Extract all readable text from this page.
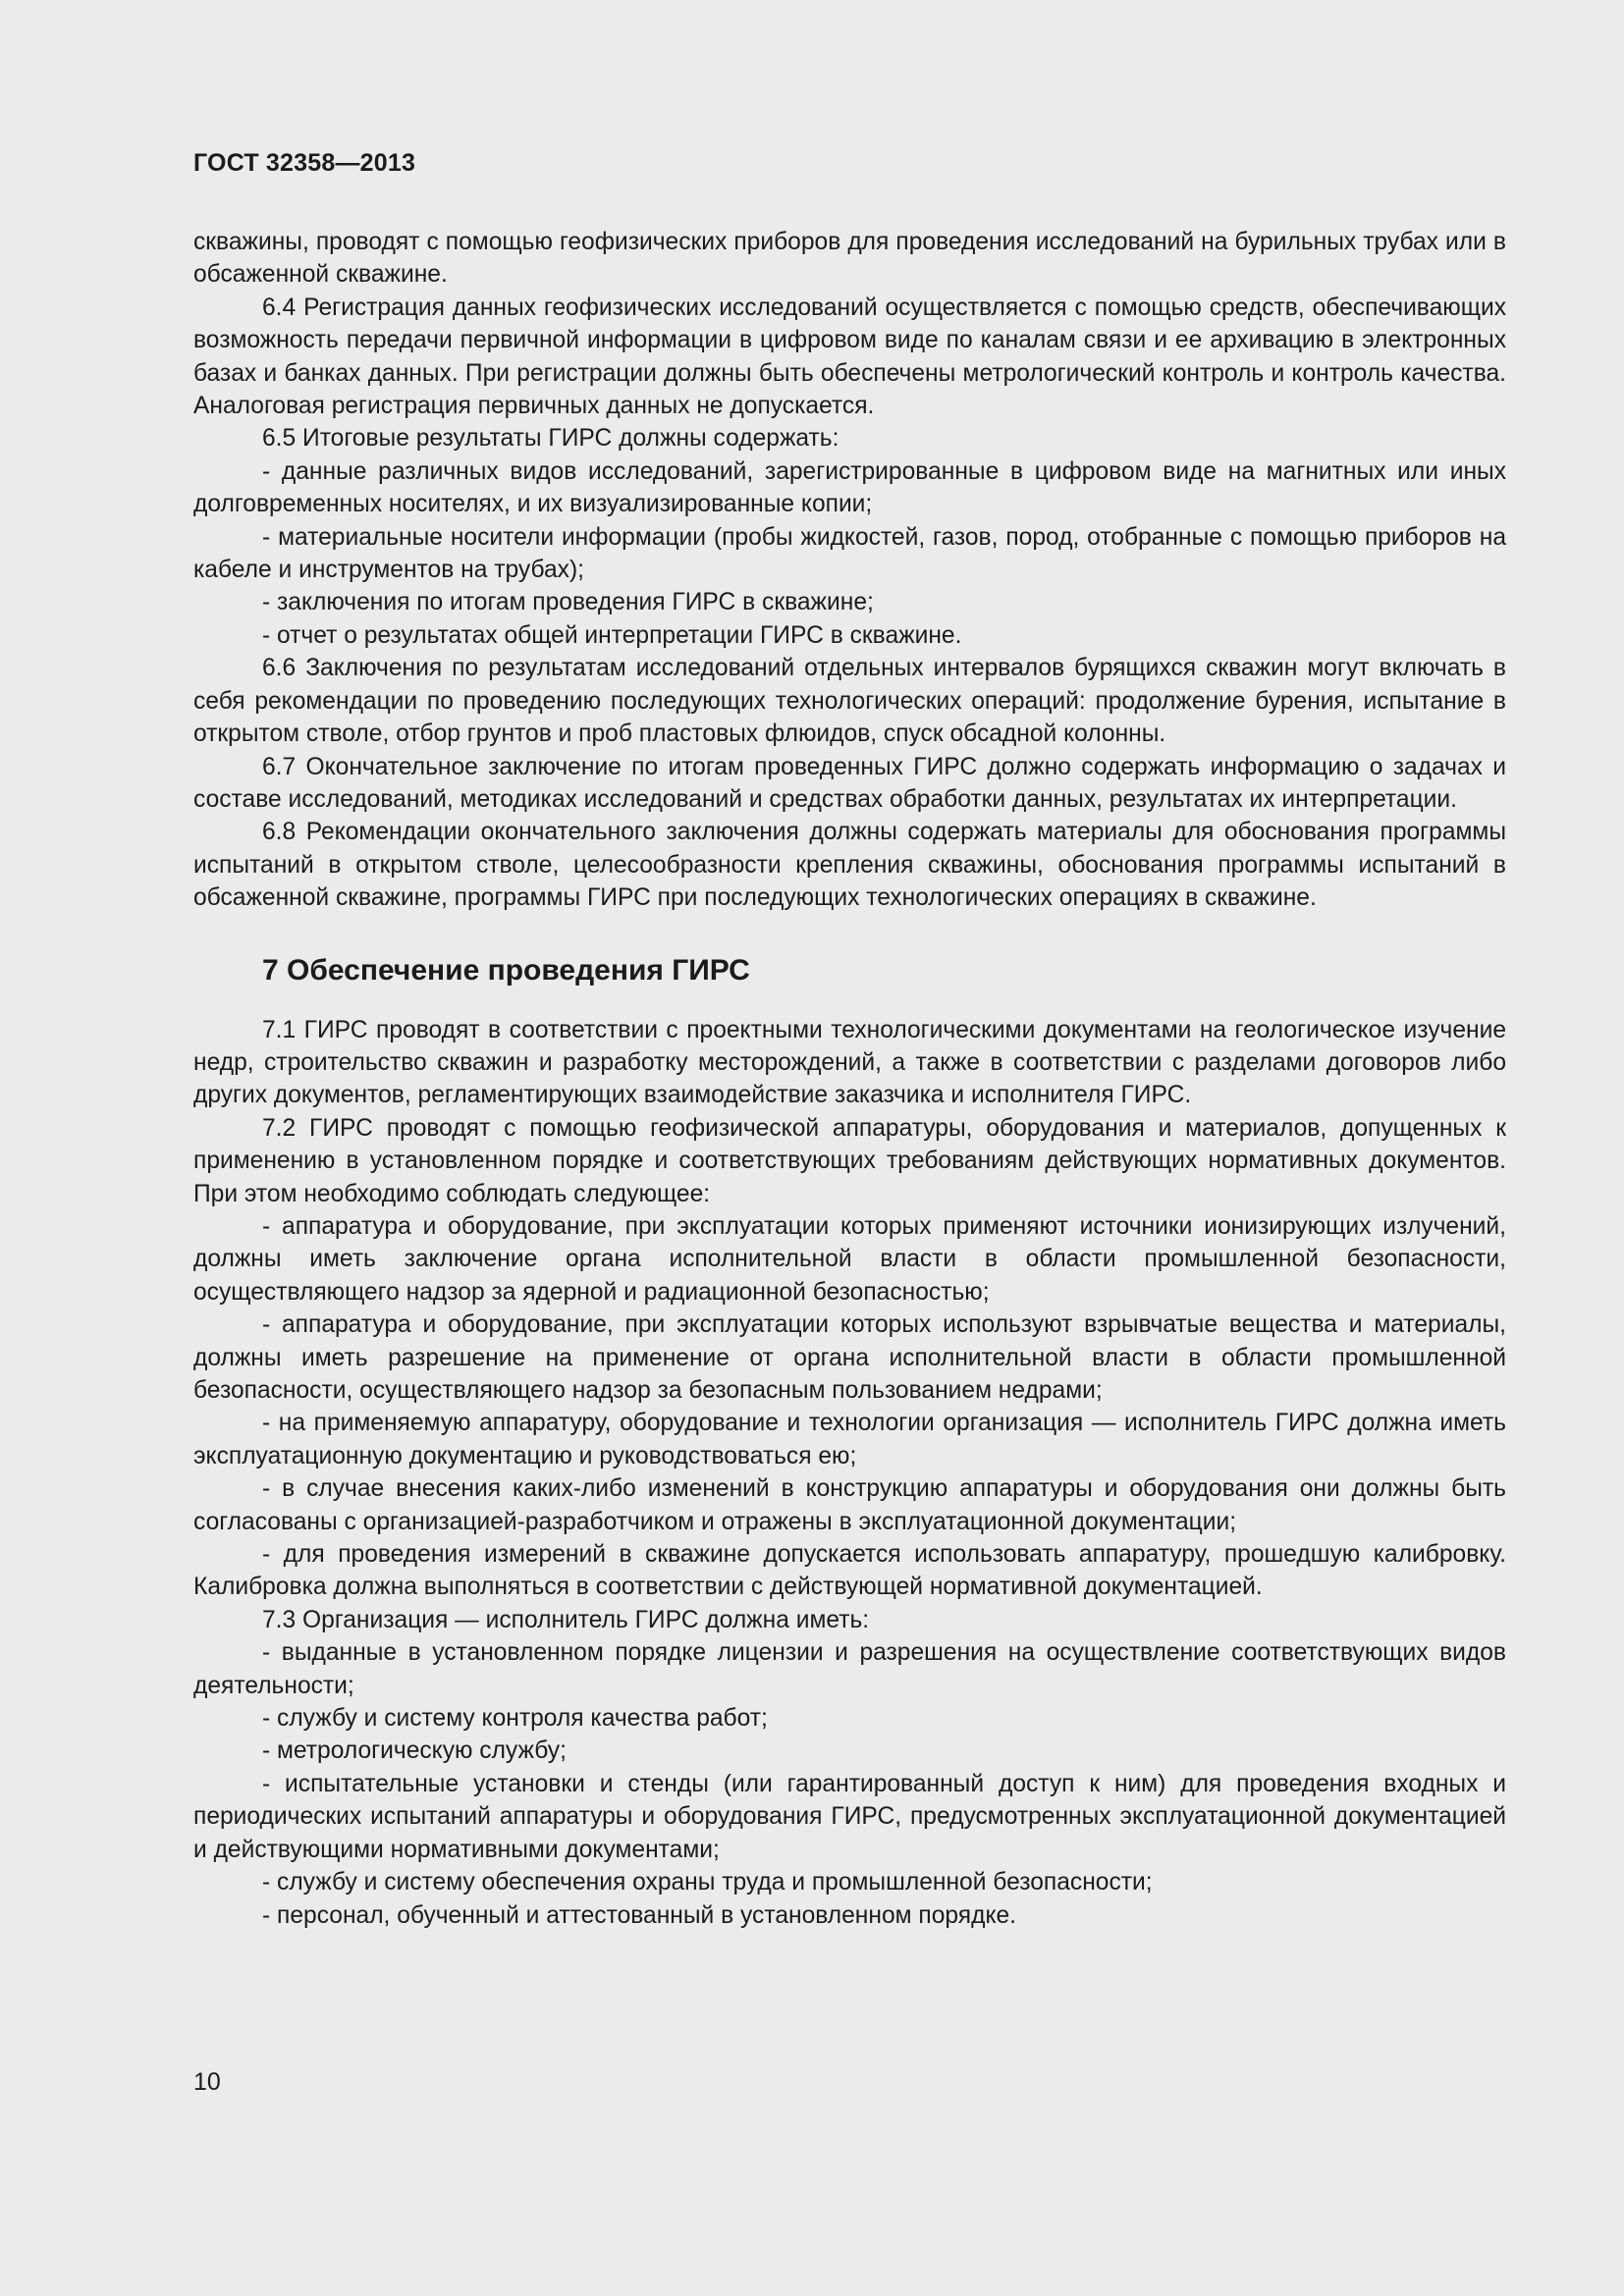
ГОСТ 32358—2013

скважины, проводят с помощью геофизических приборов для проведения исследований на бурильных трубах или в обсаженной скважине.

6.4 Регистрация данных геофизических исследований осуществляется с помощью средств, обеспечивающих возможность передачи первичной информации в цифровом виде по каналам связи и ее архивацию в электронных базах и банках данных. При регистрации должны быть обеспечены метрологический контроль и контроль качества. Аналоговая регистрация первичных данных не допускается.

6.5 Итоговые результаты ГИРС должны содержать:

- данные различных видов исследований, зарегистрированные в цифровом виде на магнитных или иных долговременных носителях, и их визуализированные копии;

- материальные носители информации (пробы жидкостей, газов, пород, отобранные с помощью приборов на кабеле и инструментов на трубах);

- заключения по итогам проведения ГИРС в скважине;

- отчет о результатах общей интерпретации ГИРС в скважине.

6.6 Заключения по результатам исследований отдельных интервалов бурящихся скважин могут включать в себя рекомендации по проведению последующих технологических операций: продолжение бурения, испытание в открытом стволе, отбор грунтов и проб пластовых флюидов, спуск обсадной колонны.

6.7 Окончательное заключение по итогам проведенных ГИРС должно содержать информацию о задачах и составе исследований, методиках исследований и средствах обработки данных, результатах их интерпретации.

6.8 Рекомендации окончательного заключения должны содержать материалы для обоснования программы испытаний в открытом стволе, целесообразности крепления скважины, обоснования программы испытаний в обсаженной скважине, программы ГИРС при последующих технологических операциях в скважине.

7 Обеспечение проведения ГИРС

7.1 ГИРС проводят в соответствии с проектными технологическими документами на геологическое изучение недр, строительство скважин и разработку месторождений, а также в соответствии с разделами договоров либо других документов, регламентирующих взаимодействие заказчика и исполнителя ГИРС.

7.2 ГИРС проводят с помощью геофизической аппаратуры, оборудования и материалов, допущенных к применению в установленном порядке и соответствующих требованиям действующих нормативных документов. При этом необходимо соблюдать следующее:

- аппаратура и оборудование, при эксплуатации которых применяют источники ионизирующих излучений, должны иметь заключение органа исполнительной власти в области промышленной безопасности, осуществляющего надзор за ядерной и радиационной безопасностью;

- аппаратура и оборудование, при эксплуатации которых используют взрывчатые вещества и материалы, должны иметь разрешение на применение от органа исполнительной власти в области промышленной безопасности, осуществляющего надзор за безопасным пользованием недрами;

- на применяемую аппаратуру, оборудование и технологии организация — исполнитель ГИРС должна иметь эксплуатационную документацию и руководствоваться ею;

- в случае внесения каких-либо изменений в конструкцию аппаратуры и оборудования они должны быть согласованы с организацией-разработчиком и отражены в эксплуатационной документации;

- для проведения измерений в скважине допускается использовать аппаратуру, прошедшую калибровку. Калибровка должна выполняться в соответствии с действующей нормативной документацией.

7.3 Организация — исполнитель ГИРС должна иметь:

- выданные в установленном порядке лицензии и разрешения на осуществление соответствующих видов деятельности;

- службу и систему контроля качества работ;

- метрологическую службу;

- испытательные установки и стенды (или гарантированный доступ к ним) для проведения входных и периодических испытаний аппаратуры и оборудования ГИРС, предусмотренных эксплуатационной документацией и действующими нормативными документами;

- службу и систему обеспечения охраны труда и промышленной безопасности;

- персонал, обученный и аттестованный в установленном порядке.

10
